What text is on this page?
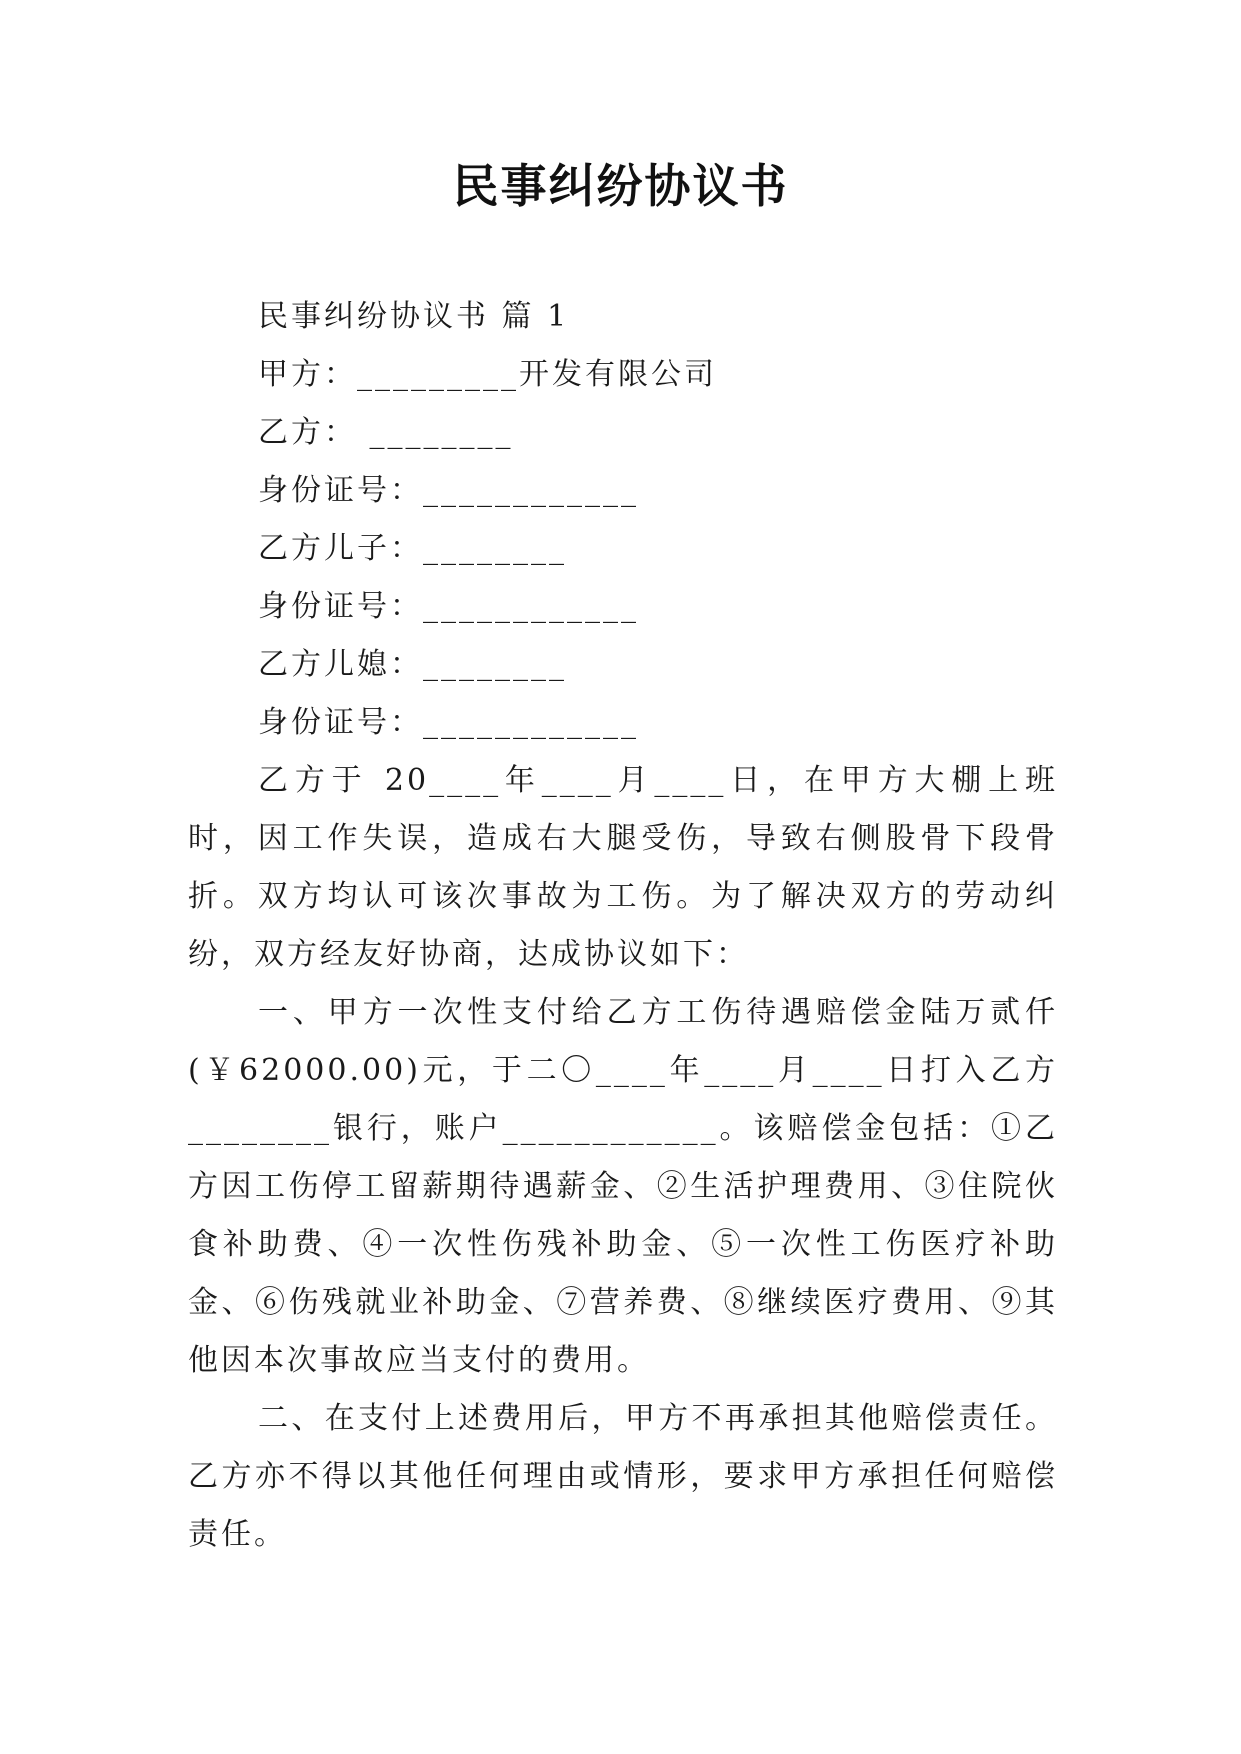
民事纠纷协议书
民事纠纷协议书 篇 1
甲方：_________开发有限公司
乙方： ________
身份证号：____________
乙方儿子：________
身份证号：____________
乙方儿媳：________
身份证号：____________

乙方于 20____年____月____日，在甲方大棚上班时，因工作失误，造成右大腿受伤，导致右侧股骨下段骨折。双方均认可该次事故为工伤。为了解决双方的劳动纠纷，双方经友好协商，达成协议如下：

一、甲方一次性支付给乙方工伤待遇赔偿金陆万贰仟(￥62000.00)元，于二〇____年____月____日打入乙方________银行，账户____________。该赔偿金包括：①乙方因工伤停工留薪期待遇薪金、②生活护理费用、③住院伙食补助费、④一次性伤残补助金、⑤一次性工伤医疗补助金、⑥伤残就业补助金、⑦营养费、⑧继续医疗费用、⑨其他因本次事故应当支付的费用。

二、在支付上述费用后，甲方不再承担其他赔偿责任。乙方亦不得以其他任何理由或情形，要求甲方承担任何赔偿责任。
